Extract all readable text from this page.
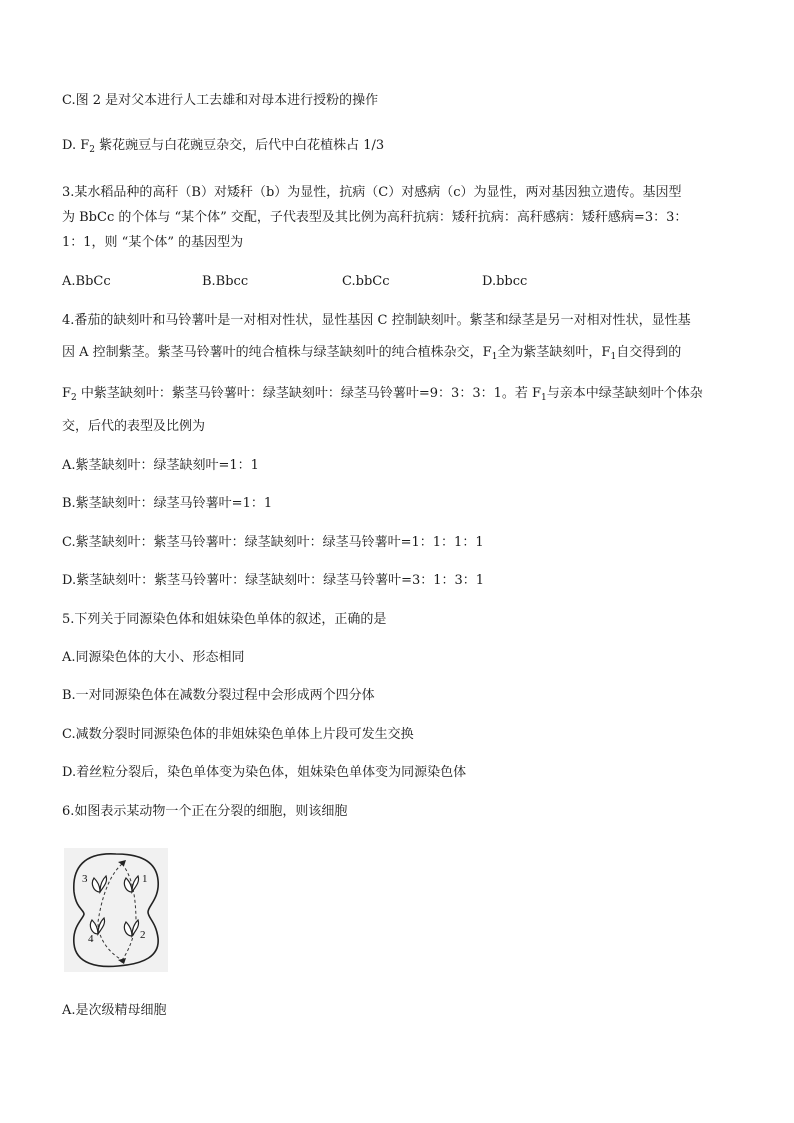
C.图 2 是对父本进行人工去雄和对母本进行授粉的操作
D. $F_2$ 紫花豌豆与白花豌豆杂交，后代中白花植株占 1/3
3.某水稻品种的高秆（B）对矮秆（b）为显性，抗病（C）对感病（c）为显性，两对基因独立遗传。基因型
为 BbCc 的个体与 “某个体” 交配，子代表型及其比例为高秆抗病：矮秆抗病：高秆感病：矮秆感病=3：3：
1：1，则 “某个体” 的基因型为
A.BbCc	B.Bbcc	C.bbCc	D.bbcc
4.番茄的缺刻叶和马铃薯叶是一对相对性状，显性基因 C 控制缺刻叶。紫茎和绿茎是另一对相对性状，显性基
因 A 控制紫茎。紫茎马铃薯叶的纯合植株与绿茎缺刻叶的纯合植株杂交，$F_1$全为紫茎缺刻叶，$F_1$自交得到的
$F_2$ 中紫茎缺刻叶：紫茎马铃薯叶：绿茎缺刻叶：绿茎马铃薯叶=9：3：3：1。若 $F_1$与亲本中绿茎缺刻叶个体杂
交，后代的表型及比例为
A.紫茎缺刻叶：绿茎缺刻叶=1：1
B.紫茎缺刻叶：绿茎马铃薯叶=1：1
C.紫茎缺刻叶：紫茎马铃薯叶：绿茎缺刻叶：绿茎马铃薯叶=1：1：1：1
D.紫茎缺刻叶：紫茎马铃薯叶：绿茎缺刻叶：绿茎马铃薯叶=3：1：3：1
5.下列关于同源染色体和姐妹染色单体的叙述，正确的是
A.同源染色体的大小、形态相同
B.一对同源染色体在减数分裂过程中会形成两个四分体
C.减数分裂时同源染色体的非姐妹染色单体上片段可发生交换
D.着丝粒分裂后，染色单体变为染色体，姐妹染色单体变为同源染色体
6.如图表示某动物一个正在分裂的细胞，则该细胞
3	1
4	2
A.是次级精母细胞
